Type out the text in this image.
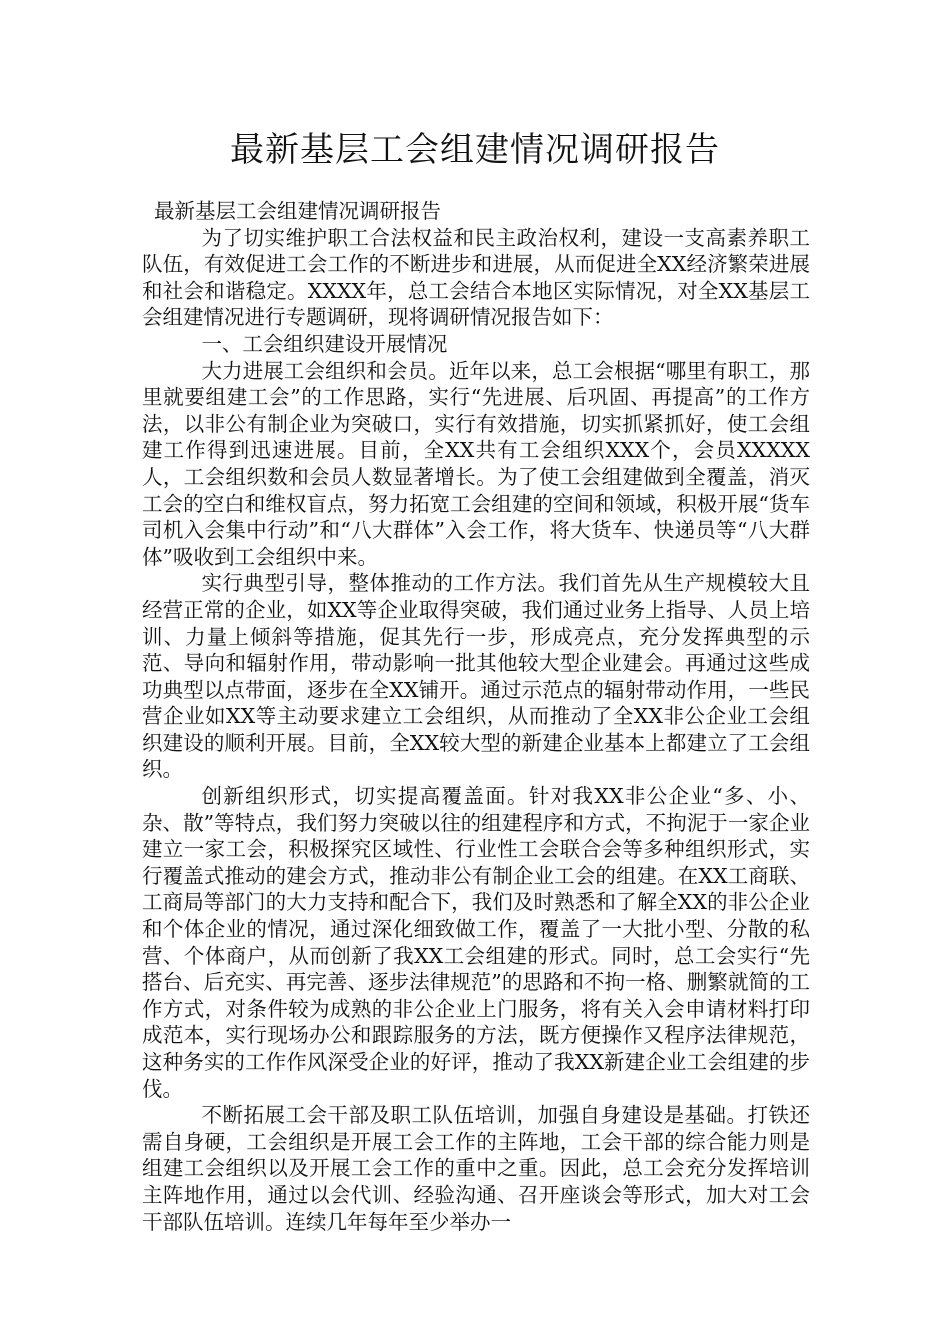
最新基层工会组建情况调研报告

最新基层工会组建情况调研报告

为了切实维护职工合法权益和民主政治权利，建设一支高素养职工队伍，有效促进工会工作的不断进步和进展，从而促进全XX经济繁荣进展和社会和谐稳定。XXXX年，总工会结合本地区实际情况，对全XX基层工会组建情况进行专题调研，现将调研情况报告如下：

一、工会组织建设开展情况

大力进展工会组织和会员。近年以来，总工会根据“哪里有职工，那里就要组建工会”的工作思路，实行“先进展、后巩固、再提高”的工作方法，以非公有制企业为突破口，实行有效措施，切实抓紧抓好，使工会组建工作得到迅速进展。目前，全XX共有工会组织XXX个，会员XXXXX人，工会组织数和会员人数显著增长。为了使工会组建做到全覆盖，消灭工会的空白和维权盲点，努力拓宽工会组建的空间和领域，积极开展“货车司机入会集中行动”和“八大群体”入会工作，将大货车、快递员等“八大群体”吸收到工会组织中来。

实行典型引导，整体推动的工作方法。我们首先从生产规模较大且经营正常的企业，如XX等企业取得突破，我们通过业务上指导、人员上培训、力量上倾斜等措施，促其先行一步，形成亮点，充分发挥典型的示范、导向和辐射作用，带动影响一批其他较大型企业建会。再通过这些成功典型以点带面，逐步在全XX铺开。通过示范点的辐射带动作用，一些民营企业如XX等主动要求建立工会组织，从而推动了全XX非公企业工会组织建设的顺利开展。目前，全XX较大型的新建企业基本上都建立了工会组织。

创新组织形式，切实提高覆盖面。针对我XX非公企业“多、小、杂、散”等特点，我们努力突破以往的组建程序和方式，不拘泥于一家企业建立一家工会，积极探究区域性、行业性工会联合会等多种组织形式，实行覆盖式推动的建会方式，推动非公有制企业工会的组建。在XX工商联、工商局等部门的大力支持和配合下，我们及时熟悉和了解全XX的非公企业和个体企业的情况，通过深化细致做工作，覆盖了一大批小型、分散的私营、个体商户，从而创新了我XX工会组建的形式。同时，总工会实行“先搭台、后充实、再完善、逐步法律规范”的思路和不拘一格、删繁就简的工作方式，对条件较为成熟的非公企业上门服务，将有关入会申请材料打印成范本，实行现场办公和跟踪服务的方法，既方便操作又程序法律规范，这种务实的工作作风深受企业的好评，推动了我XX新建企业工会组建的步伐。

不断拓展工会干部及职工队伍培训，加强自身建设是基础。打铁还需自身硬，工会组织是开展工会工作的主阵地，工会干部的综合能力则是组建工会组织以及开展工会工作的重中之重。因此，总工会充分发挥培训主阵地作用，通过以会代训、经验沟通、召开座谈会等形式，加大对工会干部队伍培训。连续几年每年至少举办一
